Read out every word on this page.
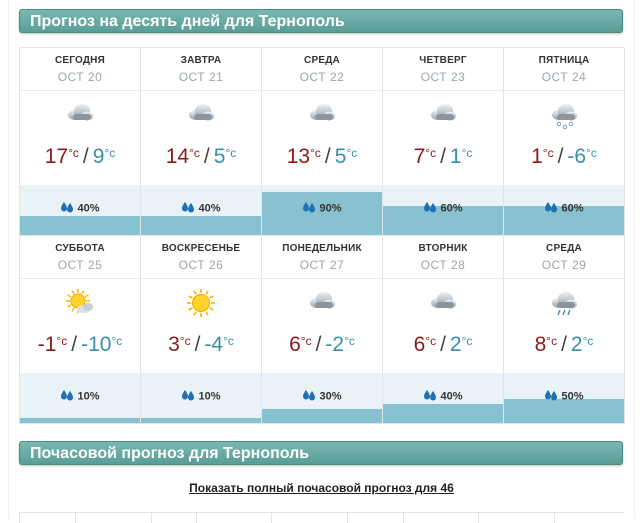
Прогноз на десять дней для Тернополь
СЕГОДНЯ
ОСТ 20
$17^{^\circ c} / 9^{^\circ c}$
40%
ЗАВТРА
ОСТ 21
$14^{^\circ c} / 5^{^\circ c}$
40%
СРЕДА
ОСТ 22
$13^{^\circ c} / 5^{^\circ c}$
90%
ЧЕТВЕРГ
ОСТ 23
$7^{^\circ c} / 1^{^\circ c}$
60%
ПЯТНИЦА
ОСТ 24
$1^{^\circ c} / -6^{^\circ c}$
60%
СУББОТА
ОСТ 25
$-1^{^\circ c} / -10^{^\circ c}$
10%
ВОСКРЕСЕНЬЕ
ОСТ 26
$3^{^\circ c} / -4^{^\circ c}$
10%
ПОНЕДЕЛЬНИК
ОСТ 27
$6^{^\circ c} / -2^{^\circ c}$
30%
ВТОРНИК
ОСТ 28
$6^{^\circ c} / 2^{^\circ c}$
40%
СРЕДА
ОСТ 29
$8^{^\circ c} / 2^{^\circ c}$
50%
Почасовой прогноз для Тернополь
Показать полный почасовой прогноз для 46
